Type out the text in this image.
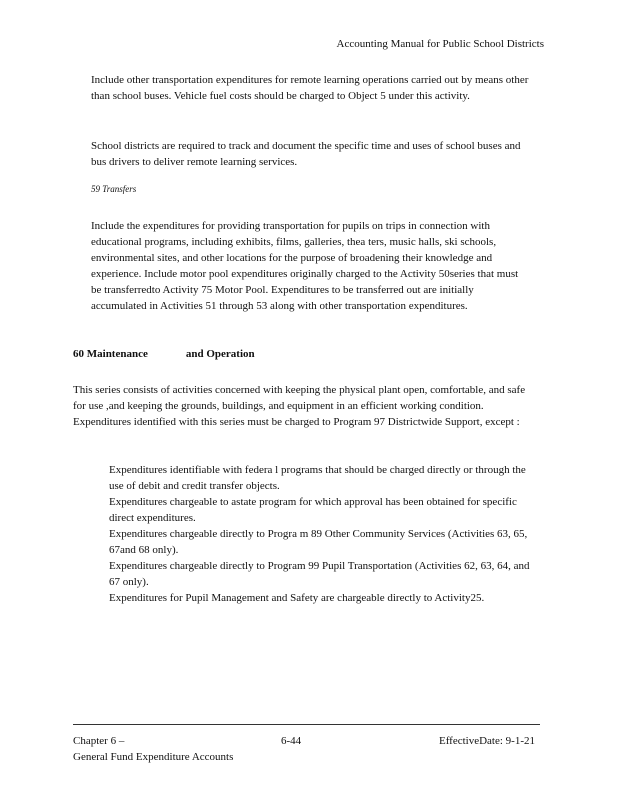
Accounting Manual for Public School Districts

Include other transportation expenditures for remote learning operations carried out by means other than school buses. Vehicle fuel costs should be charged to Object 5 under this activity.

School districts are required to track and document the specific time and uses of school buses and bus drivers to deliver remote learning services.

59 Transfers

Include the expenditures for providing transportation for pupils on trips in connection with educational programs, including exhibits, films, galleries, thea ters, music halls, ski schools, environmental sites, and other locations for the purpose of broadening their knowledge and experience. Include motor pool expenditures originally charged to the Activity 50series that must be transferredto Activity 75 Motor Pool. Expenditures to be transferred out are initially accumulated in Activities 51 through 53 along with other transportation expenditures.

60 Maintenance	and Operation

This series consists of activities concerned with keeping the physical plant open, comfortable, and safe for use ,and keeping the grounds, buildings, and equipment in an efficient working condition. Expenditures identified with this series must be charged to Program 97 Districtwide Support, except :

Expenditures identifiable with federa l programs that should be charged directly or through the use of debit and credit transfer objects.
Expenditures chargeable to astate program for which approval has been obtained for specific direct expenditures.
Expenditures chargeable directly to Progra m 89 Other Community Services (Activities 63, 65, 67and 68 only).
Expenditures chargeable directly to Program 99 Pupil Transportation (Activities 62, 63, 64, and 67 only).
Expenditures for Pupil Management and Safety are chargeable directly to Activity25.
Chapter 6 –
General Fund Expenditure Accounts
6-44	EffectiveDate: 9-1-21
